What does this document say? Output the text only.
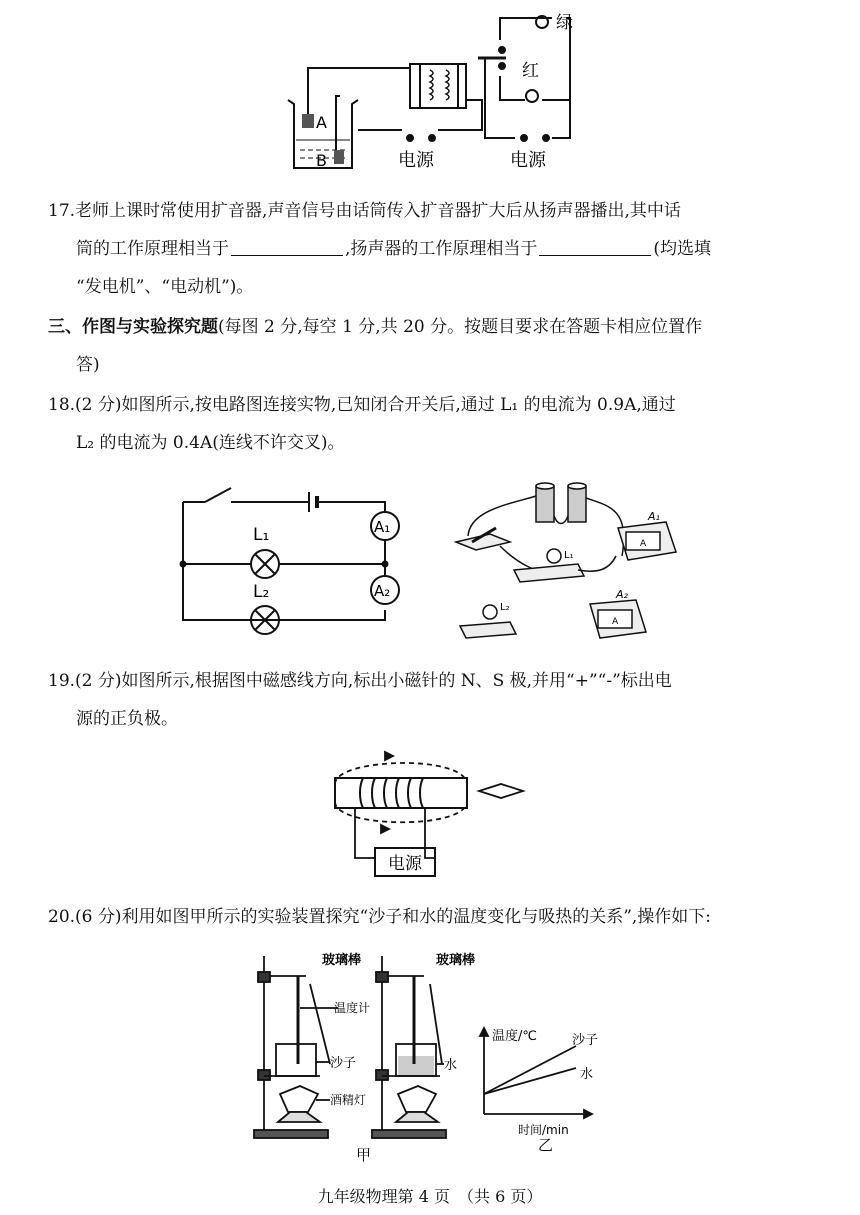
绿
红
A
B	电源	电源
17.老师上课时常使用扩音器,声音信号由话筒传入扩音器扩大后从扬声器播出,其中话
筒的工作原理相当于	,扬声器的工作原理相当于	(均选填
“发电机”、“电动机”)。
三、作图与实验探究题(每图 2 分,每空 1 分,共 20 分。按题目要求在答题卡相应位置作
答)
18.(2 分)如图所示,按电路图连接实物,已知闭合开关后,通过 L₁ 的电流为 0.9A,通过
L₂ 的电流为 0.4A(连线不许交叉)。
L₁
L₂
A₁
A₂
A₁
A₂
A
A
L₁
L₂
19.(2 分)如图所示,根据图中磁感线方向,标出小磁针的 N、S 极,并用“+”“-”标出电
源的正负极。
电源
20.(6 分)利用如图甲所示的实验装置探究“沙子和水的温度变化与吸热的关系”,操作如下:
玻璃棒	玻璃棒
温度计
沙子	水
酒精灯
温度/℃
时间/min
沙子
水
甲
乙
九年级物理第 4 页　（共 6 页）
